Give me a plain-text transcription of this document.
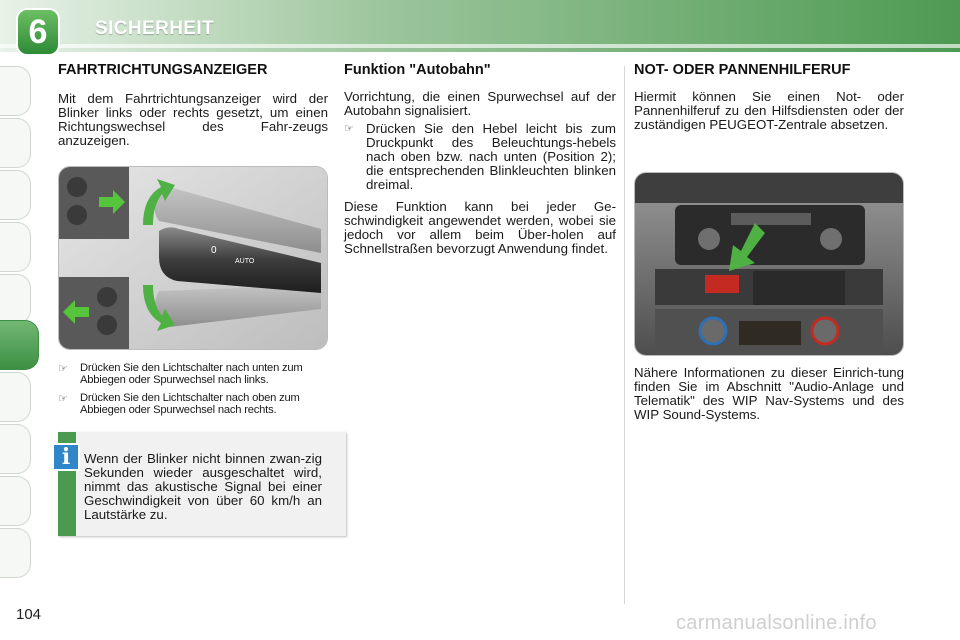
6	SICHERHEIT
FAHRTRICHTUNGSANZEIGER

Mit dem Fahrtrichtungsanzeiger wird der Blinker links oder rechts gesetzt, um einen Richtungswechsel des Fahr-zeugs anzuzeigen.

0
AUTO
☞	Drücken Sie den Lichtschalter nach unten zum Abbiegen oder Spurwechsel nach links.
☞	Drücken Sie den Lichtschalter nach oben zum Abbiegen oder Spurwechsel nach rechts.
i	Wenn der Blinker nicht binnen zwan-zig Sekunden wieder ausgeschaltet wird, nimmt das akustische Signal bei einer Geschwindigkeit von über 60 km/h an Lautstärke zu.
Funktion "Autobahn"

Vorrichtung, die einen Spurwechsel auf der Autobahn signalisiert.

☞ Drücken Sie den Hebel leicht bis zum Druckpunkt des Beleuchtungs-hebels nach oben bzw. nach unten (Position 2); die entsprechenden Blinkleuchten blinken dreimal.

Diese Funktion kann bei jeder Ge-schwindigkeit angewendet werden, wobei sie jedoch vor allem beim Über-holen auf Schnellstraßen bevorzugt Anwendung findet.

NOT- ODER PANNENHILFERUF

Hiermit können Sie einen Not- oder Pannenhilferuf zu den Hilfsdiensten oder der zuständigen PEUGEOT-Zentrale absetzen.

Nähere Informationen zu dieser Einrich-tung finden Sie im Abschnitt "Audio-Anlage und Telematik" des WIP Nav-Systems und des WIP Sound-Systems.

104	carmanualsonline.info
